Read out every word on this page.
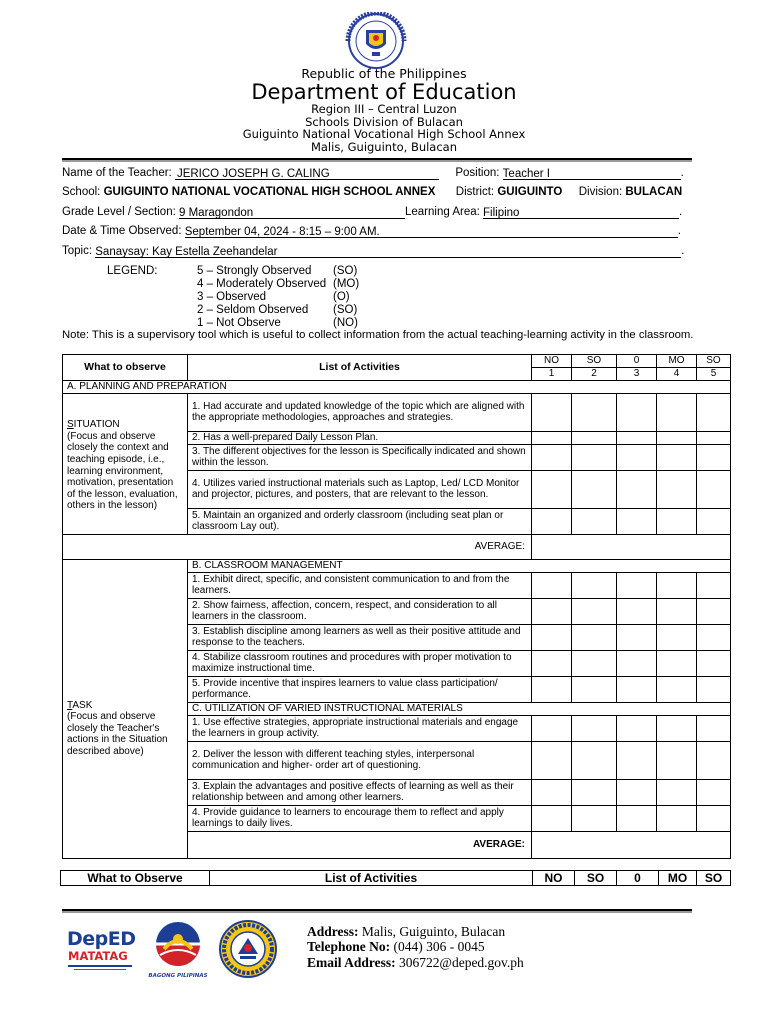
Republic of the Philippines
Department of Education
Region III – Central Luzon
Schools Division of Bulacan
Guiguinto National Vocational High School Annex
Malis, Guiguinto, Bulacan
Name of the Teacher: JERICO JOSEPH G. CALING	Position: Teacher I	.
School: GUIGUINTO NATIONAL VOCATIONAL HIGH SCHOOL ANNEX District: GUIGUINTO Division: BULACAN
Grade Level / Section: 9 Maragondon	Learning Area: Filipino	.
Date & Time Observed: September 04, 2024 - 8:15 – 9:00 AM.	.
Topic: Sanaysay: Kay Estella Zeehandelar	.
LEGEND:	5 – Strongly Observed (SO)
4 – Moderately Observed (MO)
3 – Observed	(O)
2 – Seldom Observed (SO)
1 – Not Observe	(NO)
Note: This is a supervisory tool which is useful to collect information from the actual teaching-learning activity in the classroom.
What to observe	List of Activities	NO	SO	0	MO	SO
		1	2	3	4	5
A. PLANNING AND PREPARATION						

SITUATION
(Focus and observe closely the context and teaching episode, i.e., learning environment, motivation, presentation of the lesson, evaluation, others in the lesson)	1. Had accurate and updated knowledge of the topic which are aligned with the appropriate methodologies, approaches and strategies.					
	2. Has a well-prepared Daily Lesson Plan.					
	3. The different objectives for the lesson is Specifically indicated and shown within the lesson.					
	4. Utilizes varied instructional materials such as Laptop, Led/ LCD Monitor and projector, pictures, and posters, that are relevant to the lesson.					
	5. Maintain an organized and orderly classroom (including seat plan or classroom Lay out).					
AVERAGE:						

TASK
(Focus and observe closely the Teacher's actions in the Situation described above)	B. CLASSROOM MANAGEMENT					
	1. Exhibit direct, specific, and consistent communication to and from the learners.					
	2. Show fairness, affection, concern, respect, and consideration to all learners in the classroom.					
	3. Establish discipline among learners as well as their positive attitude and response to the teachers.					
	4. Stabilize classroom routines and procedures with proper motivation to maximize instructional time.					
	5. Provide incentive that inspires learners to value class participation/ performance.					
	C. UTILIZATION OF VARIED INSTRUCTIONAL MATERIALS					
	1. Use effective strategies, appropriate instructional materials and engage the learners in group activity.					
	2. Deliver the lesson with different teaching styles, interpersonal communication and higher- order art of questioning.					
	3. Explain the advantages and positive effects of learning as well as their relationship between and among other learners.					
	4. Provide guidance to learners to encourage them to reflect and apply learnings to daily lives.					
	AVERAGE:					
What to Observe	List of Activities	NO	SO	0	MO	SO
DepED
MATATAG
BAGONG PILIPINAS
Address: Malis, Guiguinto, Bulacan
Telephone No: (044) 306 - 0045
Email Address: 306722@deped.gov.ph
